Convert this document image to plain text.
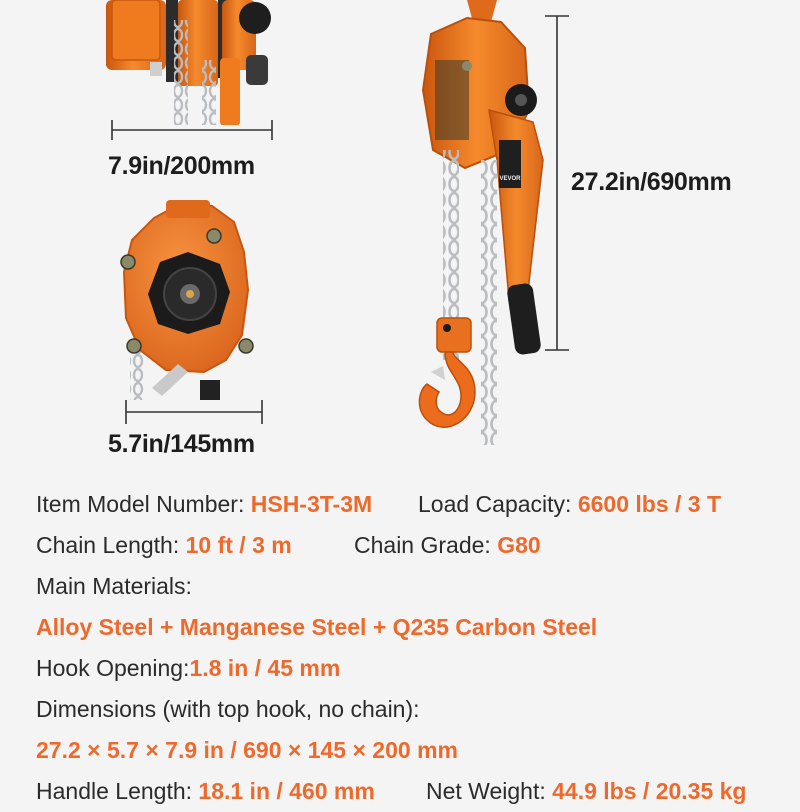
7.9in/200mm
5.7in/145mm
VEVOR 27.2in/690mm
Item Model Number: HSH-3T-3M Load Capacity: 6600 lbs / 3 T
Chain Length: 10 ft / 3 m	Chain Grade: G80
Main Materials:
Alloy Steel + Manganese Steel + Q235 Carbon Steel
Hook Opening:1.8 in / 45 mm
Dimensions (with top hook, no chain):
27.2 × 5.7 × 7.9 in / 690 × 145 × 200 mm
Handle Length: 18.1 in / 460 mm Net Weight: 44.9 lbs / 20.35 kg
